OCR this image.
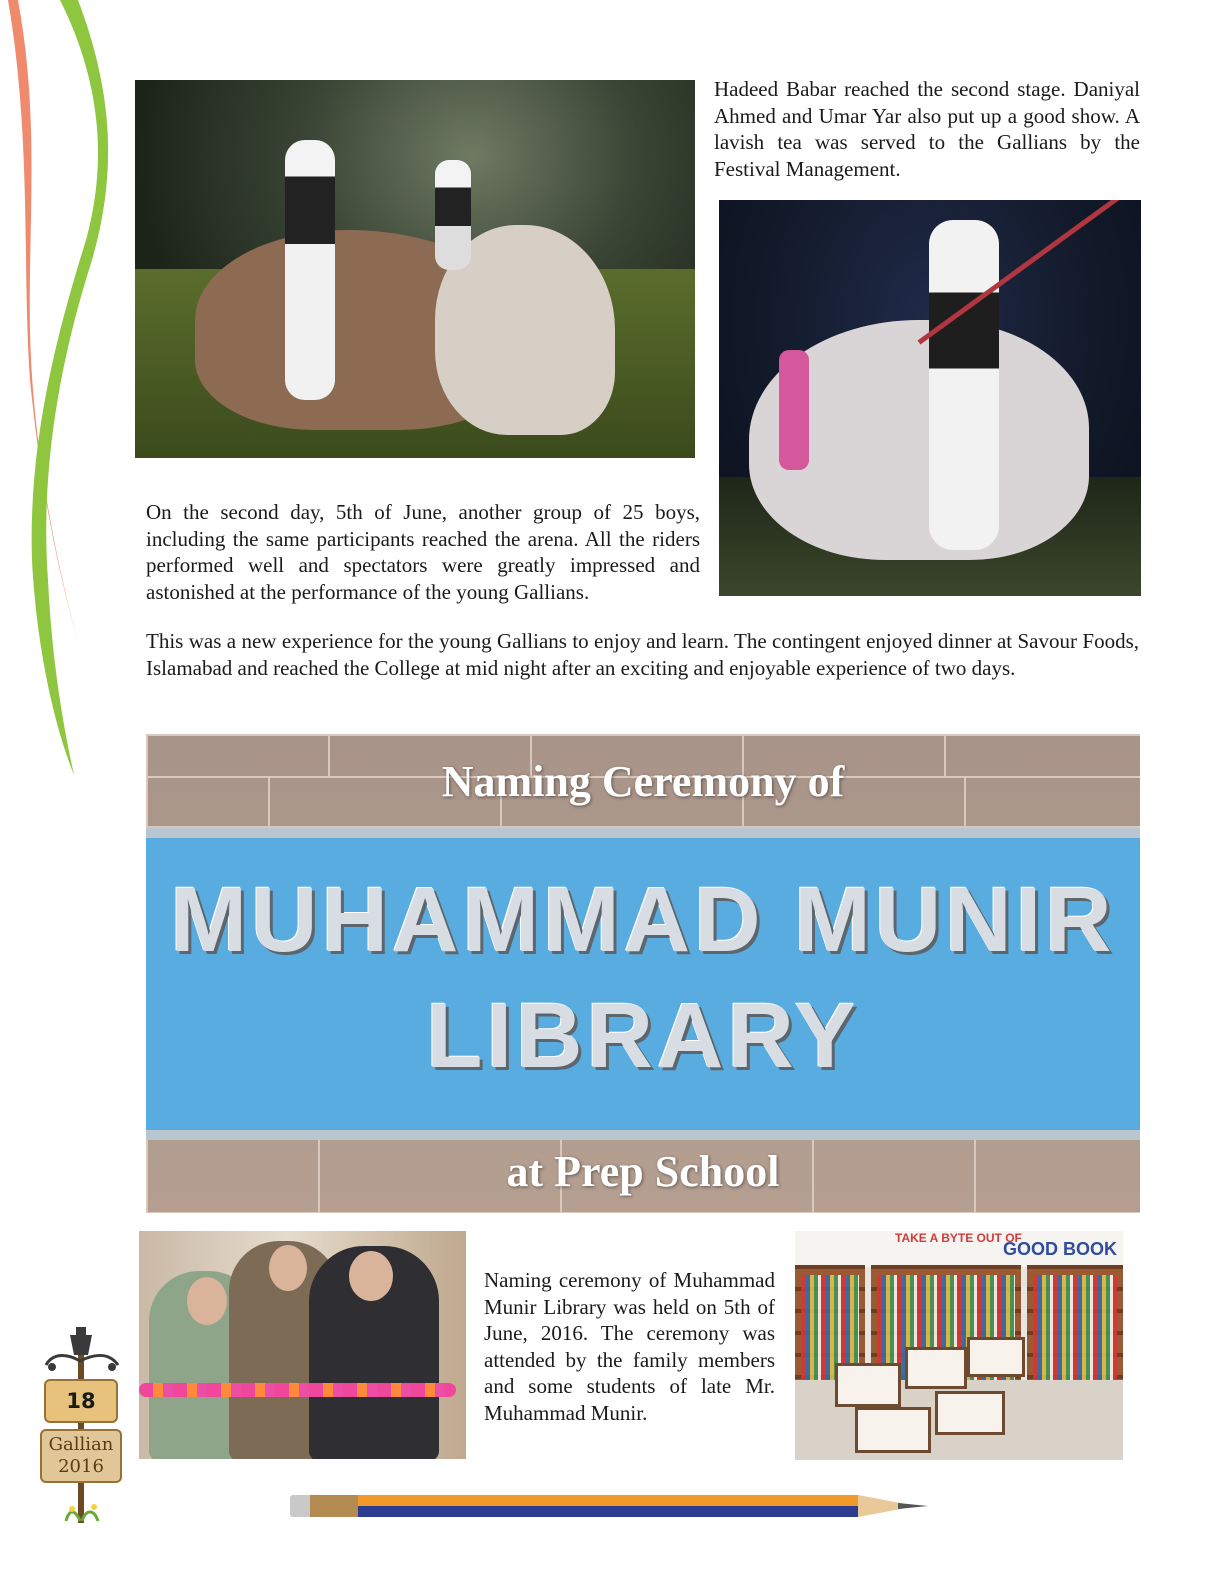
Hadeed Babar reached the second stage. Daniyal Ahmed and Umar Yar also put up a good show. A lavish tea was served to the Gallians by the Festival Management.

On the second day, 5th of June, another group of 25 boys, including the same participants reached the arena. All the riders performed well and spectators were greatly impressed and astonished at the performance of the young Gallians.

This was a new experience for the young Gallians to enjoy and learn. The contingent enjoyed dinner at Savour Foods, Islamabad and reached the College at mid night after an exciting and enjoyable experience of two days.

MUHAMMAD MUNIR
LIBRARY
Naming Ceremony of
at Prep School

Naming ceremony of Muhammad Munir Library was held on 5th of June, 2016. The ceremony was attended by the family members and some students of late Mr. Muhammad Munir.

TAKE A BYTE OUT OF
GOOD BOOK
18
Gallian
2016
